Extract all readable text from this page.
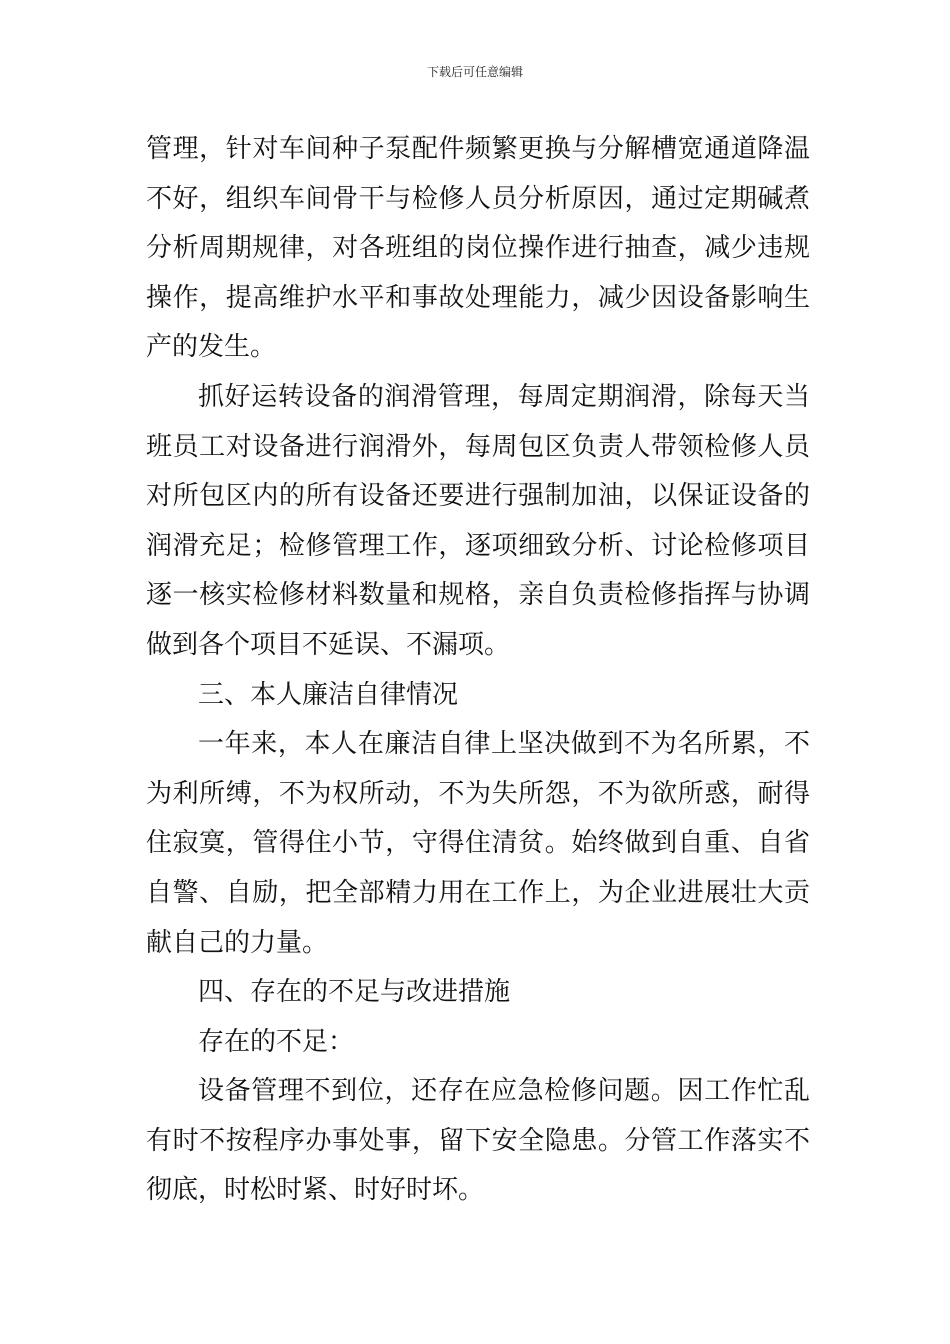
下载后可任意编辑

管理，针对车间种子泵配件频繁更换与分解槽宽通道降温不好，组织车间骨干与检修人员分析原因，通过定期碱煮分析周期规律，对各班组的岗位操作进行抽查，减少违规操作，提高维护水平和事故处理能力，减少因设备影响生产的发生。

抓好运转设备的润滑管理，每周定期润滑，除每天当班员工对设备进行润滑外，每周包区负责人带领检修人员对所包区内的所有设备还要进行强制加油，以保证设备的润滑充足；检修管理工作，逐项细致分析、讨论检修项目逐一核实检修材料数量和规格，亲自负责检修指挥与协调做到各个项目不延误、不漏项。

三、本人廉洁自律情况

一年来，本人在廉洁自律上坚决做到不为名所累，不为利所缚，不为权所动，不为失所怨，不为欲所惑，耐得住寂寞，管得住小节，守得住清贫。始终做到自重、自省自警、自励，把全部精力用在工作上，为企业进展壮大贡献自己的力量。

四、存在的不足与改进措施

存在的不足：

设备管理不到位，还存在应急检修问题。因工作忙乱有时不按程序办事处事，留下安全隐患。分管工作落实不彻底，时松时紧、时好时坏。
